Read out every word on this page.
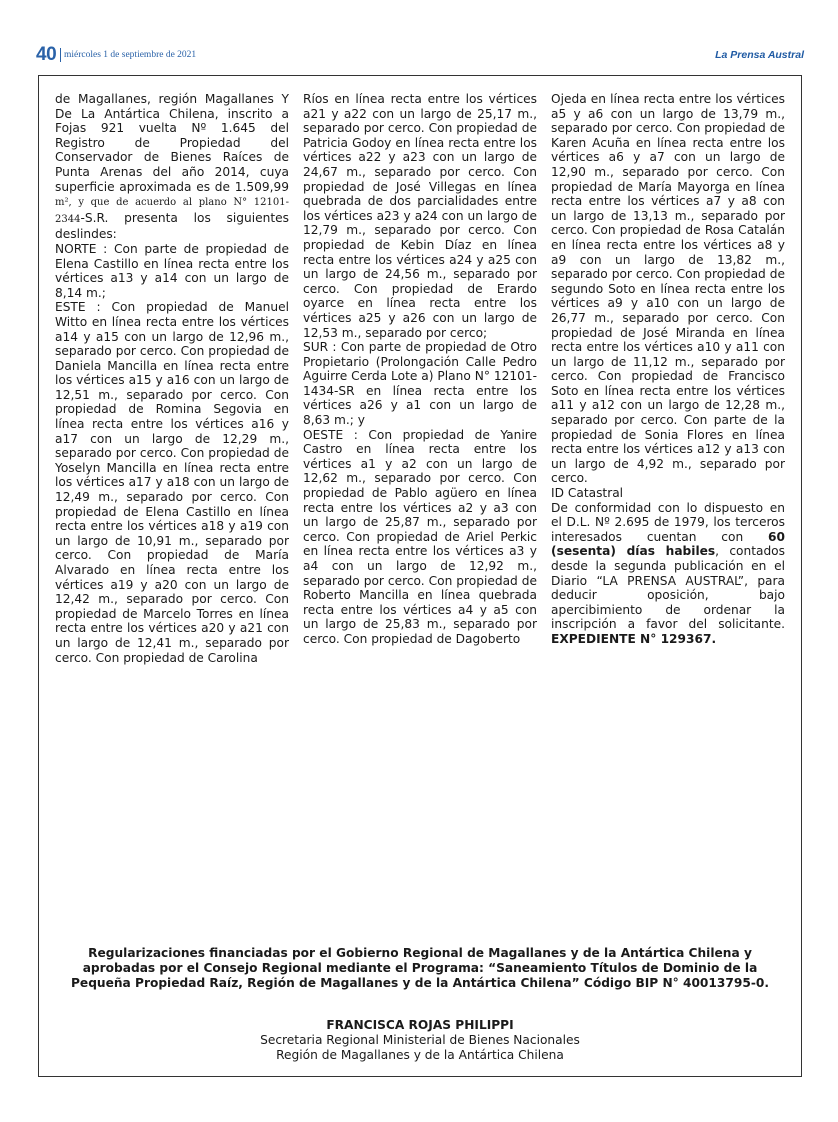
40 miércoles 1 de septiembre de 2021	La Prensa Austral

de Magallanes, región Magallanes Y De La Antártica Chilena, inscrito a Fojas 921 vuelta Nº 1.645 del Registro de Propiedad del Conservador de Bienes Raíces de Punta Arenas del año 2014, cuya superficie aproximada es de 1.509,99 m², y que de acuerdo al plano N° 12101-2344-S.R. presenta los siguientes deslindes:

NORTE : Con parte de propiedad de Elena Castillo en línea recta entre los vértices a13 y a14 con un largo de 8,14 m.;

ESTE : Con propiedad de Manuel Witto en línea recta entre los vértices a14 y a15 con un largo de 12,96 m., separado por cerco. Con propiedad de Daniela Mancilla en línea recta entre los vértices a15 y a16 con un largo de 12,51 m., separado por cerco. Con propiedad de Romina Segovia en línea recta entre los vértices a16 y a17 con un largo de 12,29 m., separado por cerco. Con propiedad de Yoselyn Mancilla en línea recta entre los vértices a17 y a18 con un largo de 12,49 m., separado por cerco. Con propiedad de Elena Castillo en línea recta entre los vértices a18 y a19 con un largo de 10,91 m., separado por cerco. Con propiedad de María Alvarado en línea recta entre los vértices a19 y a20 con un largo de 12,42 m., separado por cerco. Con propiedad de Marcelo Torres en línea recta entre los vértices a20 y a21 con un largo de 12,41 m., separado por cerco. Con propiedad de Carolina

Ríos en línea recta entre los vértices a21 y a22 con un largo de 25,17 m., separado por cerco. Con propiedad de Patricia Godoy en línea recta entre los vértices a22 y a23 con un largo de 24,67 m., separado por cerco. Con propiedad de José Villegas en línea quebrada de dos parcialidades entre los vértices a23 y a24 con un largo de 12,79 m., separado por cerco. Con propiedad de Kebin Díaz en línea recta entre los vértices a24 y a25 con un largo de 24,56 m., separado por cerco. Con propiedad de Erardo oyarce en línea recta entre los vértices a25 y a26 con un largo de 12,53 m., separado por cerco;

SUR : Con parte de propiedad de Otro Propietario (Prolongación Calle Pedro Aguirre Cerda Lote a) Plano N° 12101-1434-SR en línea recta entre los vértices a26 y a1 con un largo de 8,63 m.; y

OESTE : Con propiedad de Yanire Castro en línea recta entre los vértices a1 y a2 con un largo de 12,62 m., separado por cerco. Con propiedad de Pablo agüero en línea recta entre los vértices a2 y a3 con un largo de 25,87 m., separado por cerco. Con propiedad de Ariel Perkic en línea recta entre los vértices a3 y a4 con un largo de 12,92 m., separado por cerco. Con propiedad de Roberto Mancilla en línea quebrada recta entre los vértices a4 y a5 con un largo de 25,83 m., separado por cerco. Con propiedad de Dagoberto

Ojeda en línea recta entre los vértices a5 y a6 con un largo de 13,79 m., separado por cerco. Con propiedad de Karen Acuña en línea recta entre los vértices a6 y a7 con un largo de 12,90 m., separado por cerco. Con propiedad de María Mayorga en línea recta entre los vértices a7 y a8 con un largo de 13,13 m., separado por cerco. Con propiedad de Rosa Catalán en línea recta entre los vértices a8 y a9 con un largo de 13,82 m., separado por cerco. Con propiedad de segundo Soto en línea recta entre los vértices a9 y a10 con un largo de 26,77 m., separado por cerco. Con propiedad de José Miranda en línea recta entre los vértices a10 y a11 con un largo de 11,12 m., separado por cerco. Con propiedad de Francisco Soto en línea recta entre los vértices a11 y a12 con un largo de 12,28 m., separado por cerco. Con parte de la propiedad de Sonia Flores en línea recta entre los vértices a12 y a13 con un largo de 4,92 m., separado por cerco.

ID Catastral

De conformidad con lo dispuesto en el D.L. Nº 2.695 de 1979, los terceros interesados cuentan con 60 (sesenta) días habiles, contados desde la segunda publicación en el Diario “LA PRENSA AUSTRAL”, para deducir oposición, bajo apercibimiento de ordenar la inscripción a favor del solicitante. EXPEDIENTE N° 129367.

Regularizaciones financiadas por el Gobierno Regional de Magallanes y de la Antártica Chilena y aprobadas por el Consejo Regional mediante el Programa: “Saneamiento Títulos de Dominio de la Pequeña Propiedad Raíz, Región de Magallanes y de la Antártica Chilena” Código BIP N° 40013795-0.
FRANCISCA ROJAS PHILIPPI
Secretaria Regional Ministerial de Bienes Nacionales
Región de Magallanes y de la Antártica Chilena
